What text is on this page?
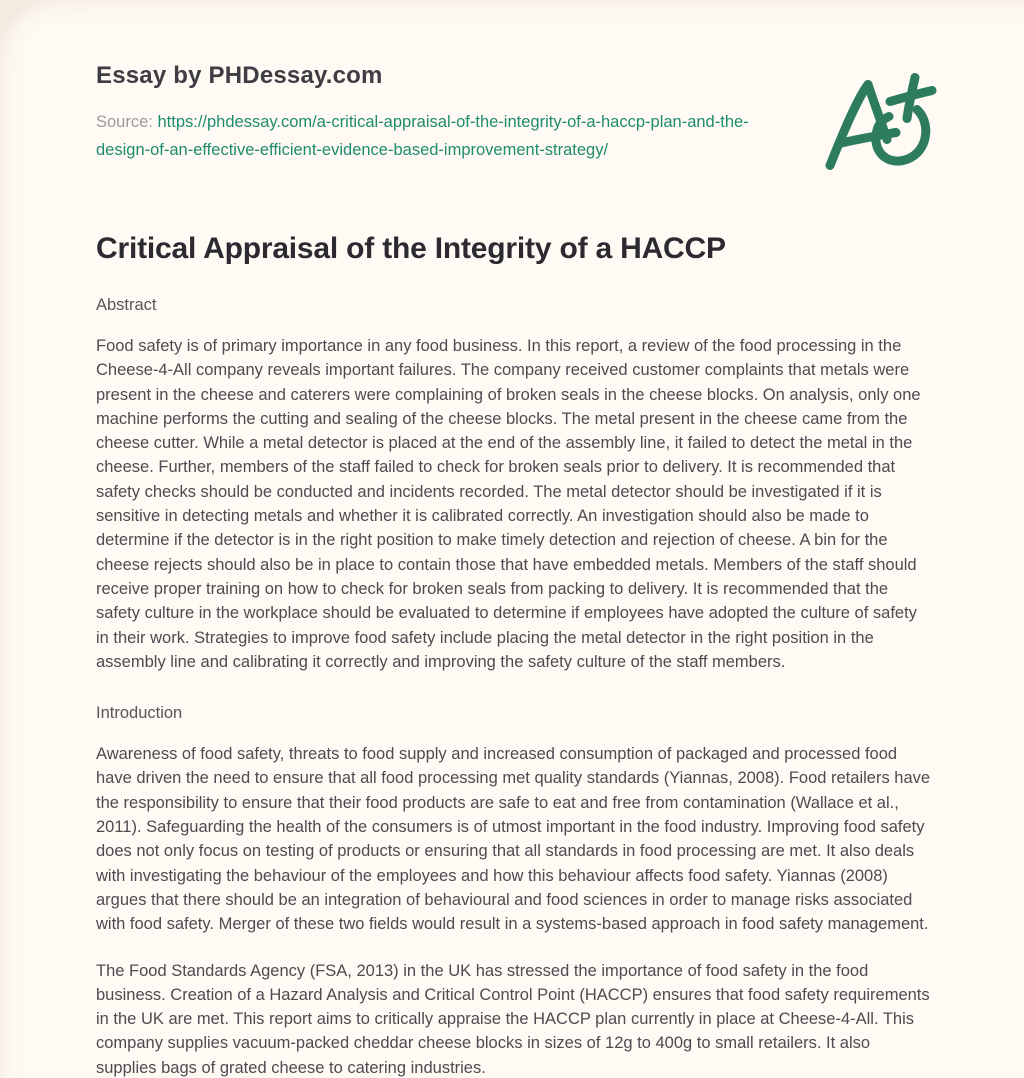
Essay by PHDessay.com
Source: https://phdessay.com/a-critical-appraisal-of-the-integrity-of-a-haccp-plan-and-the-design-of-an-effective-efficient-evidence-based-improvement-strategy/
Critical Appraisal of the Integrity of a HACCP
Abstract

Food safety is of primary importance in any food business. In this report, a review of the food processing in the Cheese-4-All company reveals important failures. The company received customer complaints that metals were present in the cheese and caterers were complaining of broken seals in the cheese blocks. On analysis, only one machine performs the cutting and sealing of the cheese blocks. The metal present in the cheese came from the cheese cutter. While a metal detector is placed at the end of the assembly line, it failed to detect the metal in the cheese. Further, members of the staff failed to check for broken seals prior to delivery. It is recommended that safety checks should be conducted and incidents recorded. The metal detector should be investigated if it is sensitive in detecting metals and whether it is calibrated correctly. An investigation should also be made to determine if the detector is in the right position to make timely detection and rejection of cheese. A bin for the cheese rejects should also be in place to contain those that have embedded metals. Members of the staff should receive proper training on how to check for broken seals from packing to delivery. It is recommended that the safety culture in the workplace should be evaluated to determine if employees have adopted the culture of safety in their work. Strategies to improve food safety include placing the metal detector in the right position in the assembly line and calibrating it correctly and improving the safety culture of the staff members.

Introduction

Awareness of food safety, threats to food supply and increased consumption of packaged and processed food have driven the need to ensure that all food processing met quality standards (Yiannas, 2008). Food retailers have the responsibility to ensure that their food products are safe to eat and free from contamination (Wallace et al., 2011). Safeguarding the health of the consumers is of utmost important in the food industry. Improving food safety does not only focus on testing of products or ensuring that all standards in food processing are met. It also deals with investigating the behaviour of the employees and how this behaviour affects food safety. Yiannas (2008) argues that there should be an integration of behavioural and food sciences in order to manage risks associated with food safety. Merger of these two fields would result in a systems-based approach in food safety management.

The Food Standards Agency (FSA, 2013) in the UK has stressed the importance of food safety in the food business. Creation of a Hazard Analysis and Critical Control Point (HACCP) ensures that food safety requirements in the UK are met. This report aims to critically appraise the HACCP plan currently in place at Cheese-4-All. This company supplies vacuum-packed cheddar cheese blocks in sizes of 12g to 400g to small retailers. It also supplies bags of grated cheese to catering industries.
